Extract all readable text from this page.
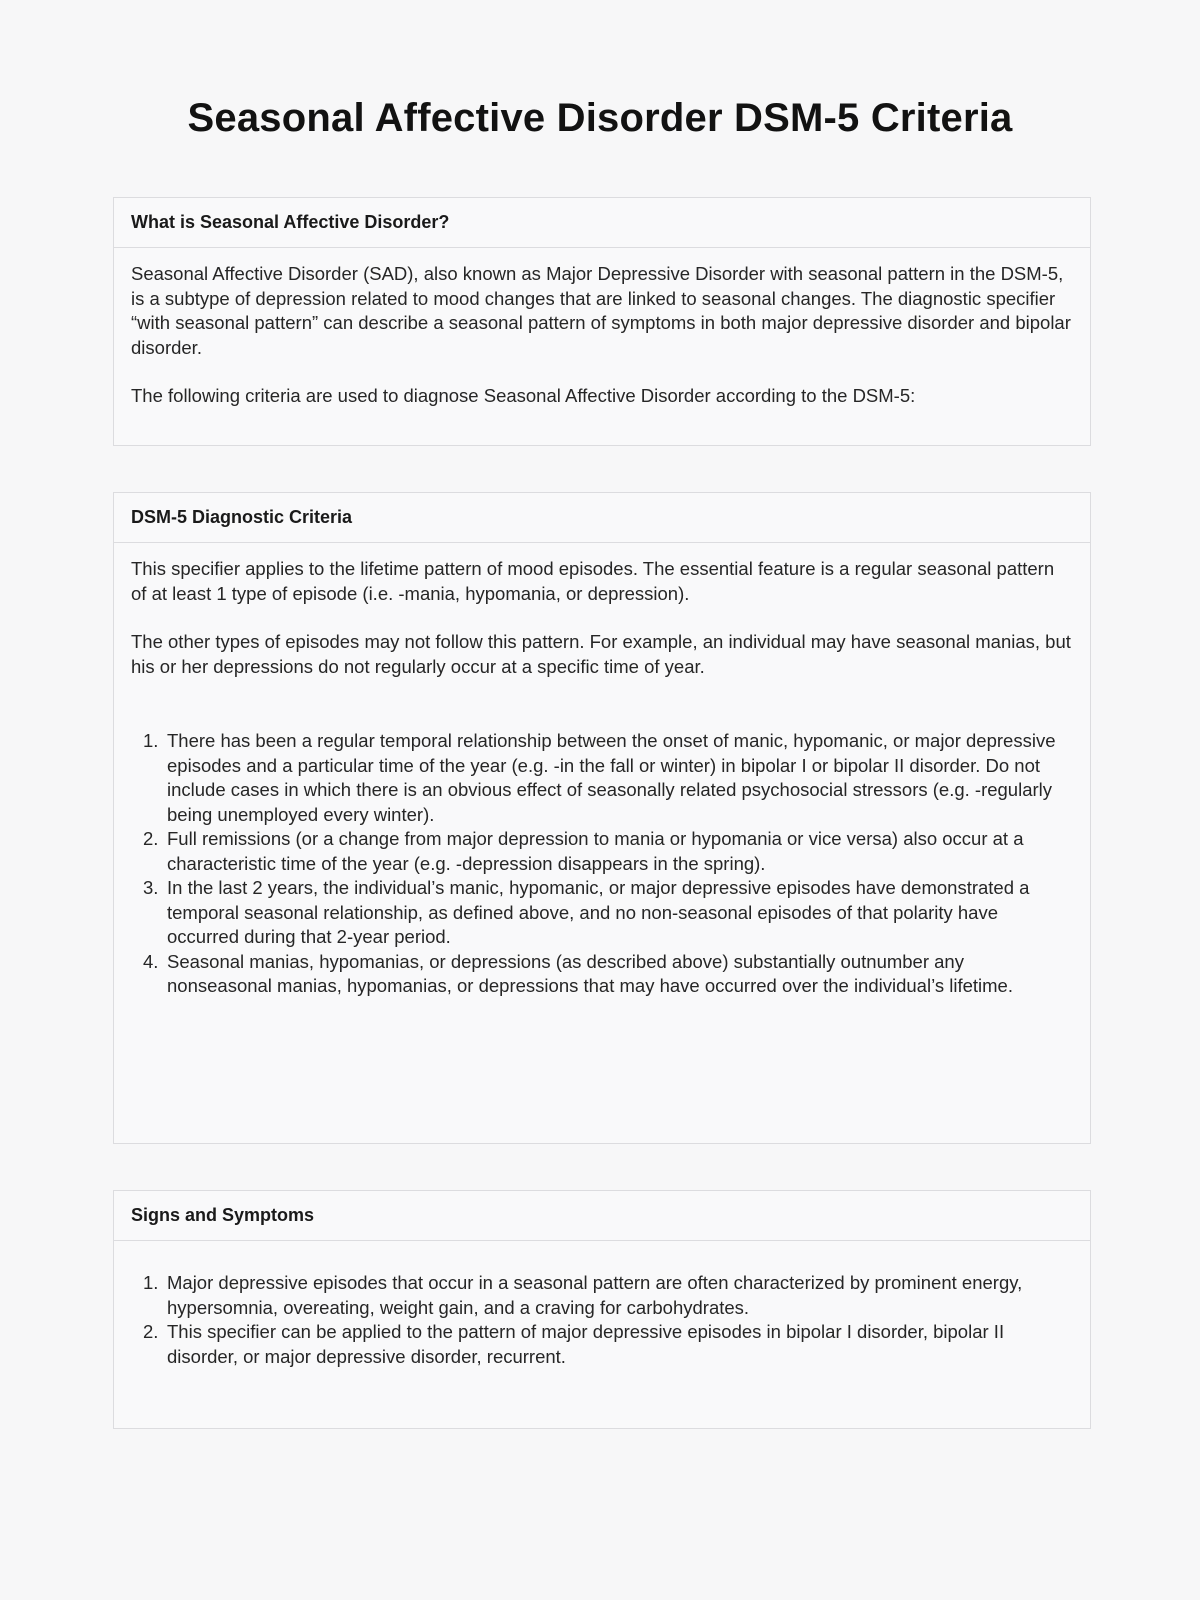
Seasonal Affective Disorder DSM-5 Criteria
What is Seasonal Affective Disorder?

Seasonal Affective Disorder (SAD), also known as Major Depressive Disorder with seasonal pattern in the DSM-5, is a subtype of depression related to mood changes that are linked to seasonal changes. The diagnostic specifier “with seasonal pattern” can describe a seasonal pattern of symptoms in both major depressive disorder and bipolar disorder.

The following criteria are used to diagnose Seasonal Affective Disorder according to the DSM-5:

DSM-5 Diagnostic Criteria

This specifier applies to the lifetime pattern of mood episodes. The essential feature is a regular seasonal pattern of at least 1 type of episode (i.e. -mania, hypomania, or depression).

The other types of episodes may not follow this pattern. For example, an individual may have seasonal manias, but his or her depressions do not regularly occur at a specific time of year.

1. There has been a regular temporal relationship between the onset of manic, hypomanic, or major depressive episodes and a particular time of the year (e.g. -in the fall or winter) in bipolar I or bipolar II disorder. Do not include cases in which there is an obvious effect of seasonally related psychosocial stressors (e.g. -regularly being unemployed every winter).
2. Full remissions (or a change from major depression to mania or hypomania or vice versa) also occur at a characteristic time of the year (e.g. -depression disappears in the spring).
3. In the last 2 years, the individual’s manic, hypomanic, or major depressive episodes have demonstrated a temporal seasonal relationship, as defined above, and no non-seasonal episodes of that polarity have occurred during that 2-year period.
4. Seasonal manias, hypomanias, or depressions (as described above) substantially outnumber any nonseasonal manias, hypomanias, or depressions that may have occurred over the individual’s lifetime.
Signs and Symptoms
1. Major depressive episodes that occur in a seasonal pattern are often characterized by prominent energy, hypersomnia, overeating, weight gain, and a craving for carbohydrates.
2. This specifier can be applied to the pattern of major depressive episodes in bipolar I disorder, bipolar II disorder, or major depressive disorder, recurrent.
